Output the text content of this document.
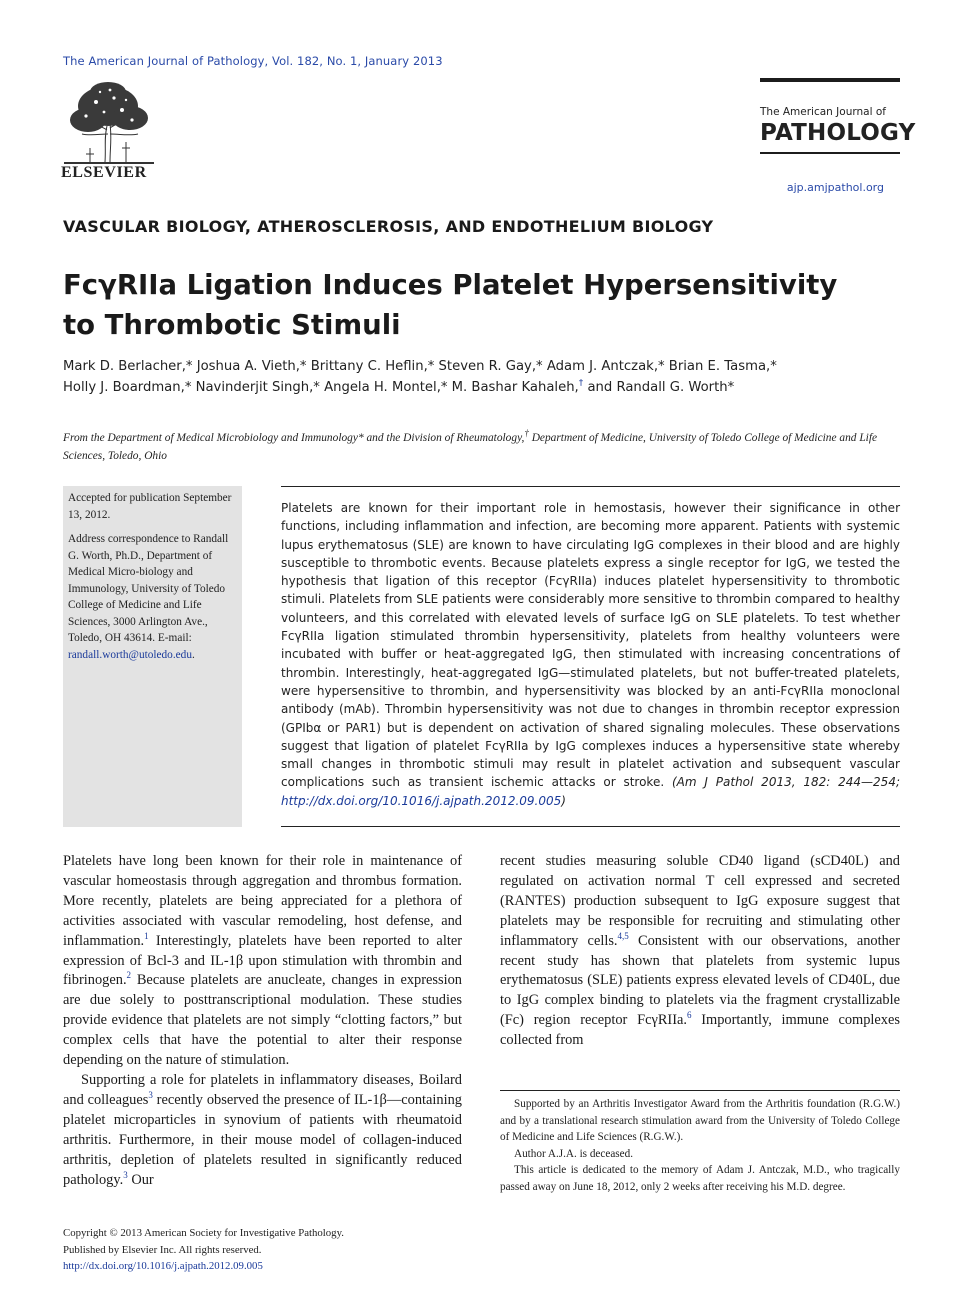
The American Journal of Pathology, Vol. 182, No. 1, January 2013
ELSEVIER
The American Journal of
PATHOLOGY
ajp.amjpathol.org
VASCULAR BIOLOGY, ATHEROSCLEROSIS, AND ENDOTHELIUM BIOLOGY
FcγRIIa Ligation Induces Platelet Hypersensitivity
to Thrombotic Stimuli
Mark D. Berlacher,* Joshua A. Vieth,* Brittany C. Heflin,* Steven R. Gay,* Adam J. Antczak,* Brian E. Tasma,*
Holly J. Boardman,* Navinderjit Singh,* Angela H. Montel,* M. Bashar Kahaleh,† and Randall G. Worth*
From the Department of Medical Microbiology and Immunology* and the Division of Rheumatology,† Department of Medicine, University of Toledo College of Medicine and Life Sciences, Toledo, Ohio

Accepted for publication September 13, 2012.

Address correspondence to Randall G. Worth, Ph.D., Department of Medical Micro-biology and Immunology, University of Toledo College of Medicine and Life Sciences, 3000 Arlington Ave., Toledo, OH 43614. E-mail: randall.worth@utoledo.edu.

Platelets are known for their important role in hemostasis, however their significance in other functions, including inflammation and infection, are becoming more apparent. Patients with systemic lupus erythematosus (SLE) are known to have circulating IgG complexes in their blood and are highly susceptible to thrombotic events. Because platelets express a single receptor for IgG, we tested the hypothesis that ligation of this receptor (FcγRIIa) induces platelet hypersensitivity to thrombotic stimuli. Platelets from SLE patients were considerably more sensitive to thrombin compared to healthy volunteers, and this correlated with elevated levels of surface IgG on SLE platelets. To test whether FcγRIIa ligation stimulated thrombin hypersensitivity, platelets from healthy volunteers were incubated with buffer or heat-aggregated IgG, then stimulated with increasing concentrations of thrombin. Interestingly, heat-aggregated IgG—stimulated platelets, but not buffer-treated platelets, were hypersensitive to thrombin, and hypersensitivity was blocked by an anti-FcγRIIa monoclonal antibody (mAb). Thrombin hypersensitivity was not due to changes in thrombin receptor expression (GPIbα or PAR1) but is dependent on activation of shared signaling molecules. These observations suggest that ligation of platelet FcγRIIa by IgG complexes induces a hypersensitive state whereby small changes in thrombotic stimuli may result in platelet activation and subsequent vascular complications such as transient ischemic attacks or stroke. (Am J Pathol 2013, 182: 244—254; http://dx.doi.org/10.1016/j.ajpath.2012.09.005)

Platelets have long been known for their role in maintenance of vascular homeostasis through aggregation and thrombus formation. More recently, platelets are being appreciated for a plethora of activities associated with vascular remodeling, host defense, and inflammation.$^1$ Interestingly, platelets have been reported to alter expression of Bcl-3 and IL-1β upon stimulation with thrombin and fibrinogen.$^2$ Because platelets are anucleate, changes in expression are due solely to posttranscriptional modulation. These studies provide evidence that platelets are not simply “clotting factors,” but complex cells that have the potential to alter their response depending on the nature of stimulation.

Supporting a role for platelets in inflammatory diseases, Boilard and colleagues$^3$ recently observed the presence of IL-1β—containing platelet microparticles in synovium of patients with rheumatoid arthritis. Furthermore, in their mouse model of collagen-induced arthritis, depletion of platelets resulted in significantly reduced pathology.$^3$ Our

recent studies measuring soluble CD40 ligand (sCD40L) and regulated on activation normal T cell expressed and secreted (RANTES) production subsequent to IgG exposure suggest that platelets may be responsible for recruiting and stimulating other inflammatory cells.$^{4,5}$ Consistent with our observations, another recent study has shown that platelets from systemic lupus erythematosus (SLE) patients express elevated levels of CD40L, due to IgG complex binding to platelets via the fragment crystallizable (Fc) region receptor FcγRIIa.$^6$ Importantly, immune complexes collected from

Supported by an Arthritis Investigator Award from the Arthritis foundation (R.G.W.) and by a translational research stimulation award from the University of Toledo College of Medicine and Life Sciences (R.G.W.).

Author A.J.A. is deceased.

This article is dedicated to the memory of Adam J. Antczak, M.D., who tragically passed away on June 18, 2012, only 2 weeks after receiving his M.D. degree.

Copyright © 2013 American Society for Investigative Pathology.
Published by Elsevier Inc. All rights reserved.
http://dx.doi.org/10.1016/j.ajpath.2012.09.005
